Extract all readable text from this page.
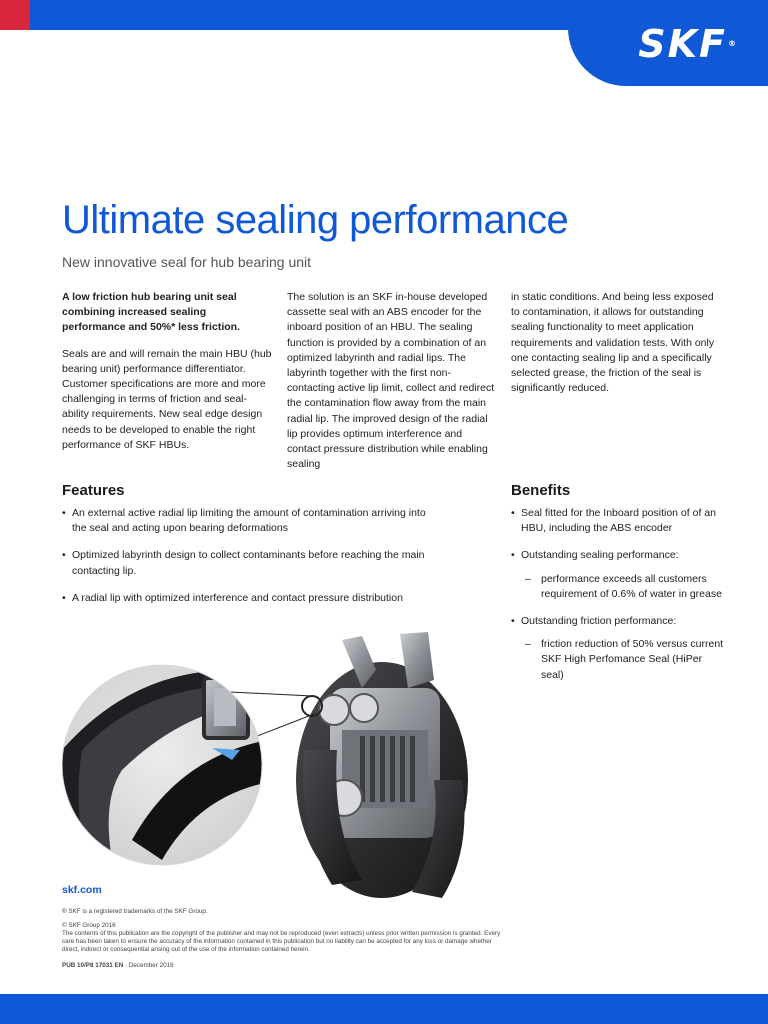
SKF®
Ultimate sealing performance
New innovative seal for hub bearing unit

A low friction hub bearing unit seal combining increased sealing performance and 50%* less friction.

Seals are and will remain the main HBU (hub bearing unit) performance differentiator. Customer specifications are more and more challenging in terms of friction and seal-ability requirements. New seal edge design needs to be developed to enable the right performance of SKF HBUs.

The solution is an SKF in-house developed cassette seal with an ABS encoder for the inboard position of an HBU. The sealing function is provided by a combination of an optimized labyrinth and radial lips. The labyrinth together with the first non-contacting active lip limit, collect and redirect the contamination flow away from the main radial lip. The improved design of the radial lip provides optimum interference and contact pressure distribution while enabling sealing

in static conditions. And being less exposed to contamination, it allows for outstanding sealing functionality to meet application requirements and validation tests. With only one contacting sealing lip and a specifically selected grease, the friction of the seal is significantly reduced.

Features
• An external active radial lip limiting the amount of contamination arriving into the seal and acting upon bearing deformations
• Optimized labyrinth design to collect contaminants before reaching the main contacting lip.
• A radial lip with optimized interference and contact pressure distribution
Benefits
• Seal fitted for the Inboard position of of an HBU, including the ABS encoder
• Outstanding sealing performance:
– performance exceeds all customers requirement of 0.6% of water in grease
• Outstanding friction performance:
– friction reduction of 50% versus current SKF High Perfomance Seal (HiPer seal)
skf.com
® SKF is a registered trademarks of the SKF Group.
© SKF Group 2016
The contents of this publication are the copyright of the publisher and may not be reproduced (even extracts) unless prior written permission is granted. Every care has been taken to ensure the accuracy of the information contained in this publication but no liability can be accepted for any loss or damage whether direct, indirect or consequential arising out of the use of the information contained herein.
PUB 10/P8 17031 EN · December 2016
